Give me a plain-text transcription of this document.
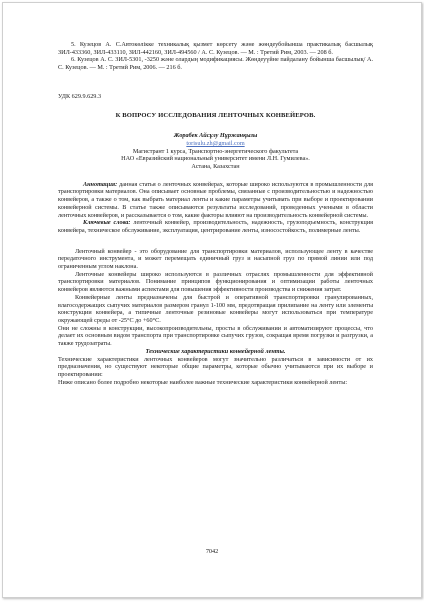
5. Кузецов А. С.Автокөлікке техникалық қызмет көрсету және жөндеубойынша практикалық басшылық ЗИЛ-433360, ЗИЛ-433110, ЗИЛ-442160, ЗИЛ-494560 / А. С. Кузецов. — М. : Третий Рим, 2003. — 208 б.

6. Кузецов А. С. ЗИЛ-5301, -3250 және олардың модификациясы. Жөндеуүйне пайдалану бойынша басшылық/ А. С. Кузецов. — М. : Третий Рим, 2006. — 216 б.

УДК 629.9.629.3
К ВОПРОСУ ИССЛЕДОВАНИЯ ЛЕНТОЧНЫХ КОНВЕЙЕРОВ.
Жорабек Айсұлу Нұржанқызы
torisulu.zh@gmail.com
Магистрант 1 курса, Транспортно-энергетического факультета
НАО «Евразийский национальный университет имени Л.Н. Гумилева».
Астана, Казахстан

Аннотация: данная статья о ленточных конвейерах, которые широко используются в промышленности для транспортировки материалов. Она описывает основные проблемы, связанные с производительностью и надежностью конвейеров, а также о том, как выбрать материал ленты и какие параметры учитывать при выборе и проектировании конвейерной системы. В статье также описываются результаты исследований, проведенных учеными в области ленточных конвейеров, и рассказывается о том, какие факторы влияют на производительность конвейерной системы.

Ключевые слова: ленточный конвейер, производительность, надежность, грузоподъемность, конструкция конвейера, техническое обслуживание, эксплуатация, центрирование ленты, износостойкость, полимерные ленты.

Ленточный конвейер - это оборудование для транспортировки материалов, использующее ленту в качестве передаточного инструмента, и может перемещать единичный груз и насыпной груз по прямой линии или под ограниченным углом наклона.

Ленточные конвейеры широко используются в различных отраслях промышленности для эффективной транспортировки материалов. Понимание принципов функционирования и оптимизации работы ленточных конвейеров являются важными аспектами для повышения эффективности производства и снижения затрат.

Конвейерные ленты предназначены для быстрой и оперативной транспортировки гранулированных, влагосодержащих сыпучих материалов размером гранул 1-100 мм, предотвращая прилипание на ленту или элементы конструкции конвейера, а типичные ленточные резиновые конвейеры могут использоваться при температуре окружающей среды от -25°С до +60°С.

Они не сложны в конструкции, высокопроизводительны, просты в обслуживании и автоматизируют процессы, что делает их основным видом транспорта при транспортировке сыпучих грузов, сокращая время погрузки и разгрузки, а также трудозатраты.

Технические характеристики конвейерной ленты.

Технические характеристики ленточных конвейеров могут значительно различаться в зависимости от их предназначения, но существуют некоторые общие параметры, которые обычно учитываются при их выборе и проектировании:

Ниже описано более подробно некоторые наиболее важные технические характеристики конвейерной ленты:

7042
